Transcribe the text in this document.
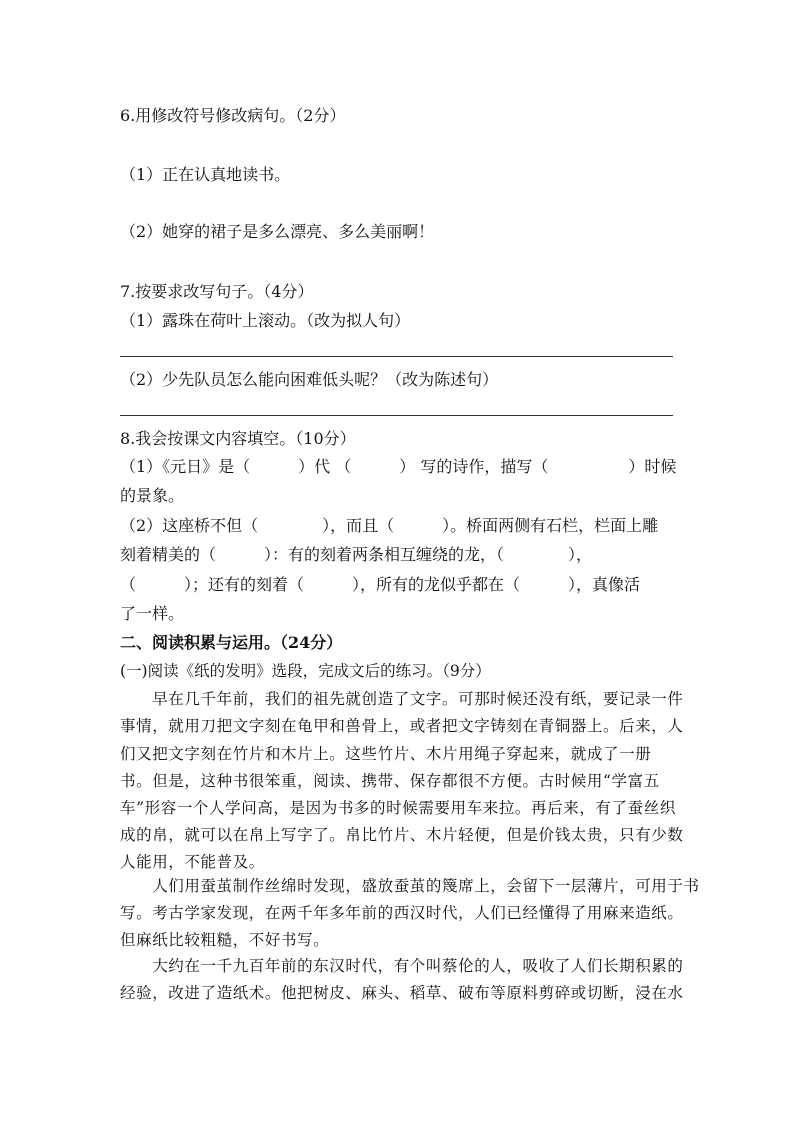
6.用修改符号修改病句。（2分）
（1）正在认真地读书。
（2）她穿的裙子是多么漂亮、多么美丽啊！
7.按要求改写句子。（4分）
（1）露珠在荷叶上滚动。（改为拟人句）
（2）少先队员怎么能向困难低头呢？（改为陈述句）
8.我会按课文内容填空。（10分）
（1）《元日》是（　　　）代 （　　　） 写的诗作，描写（　　　　　）时候
的景象。
（2）这座桥不但（　　　　），而且（　　　）。桥面两侧有石栏，栏面上雕
刻着精美的（　　　）：有的刻着两条相互缠绕的龙，（　　　　），
（　　　）；还有的刻着（　　　），所有的龙似乎都在（　　　），真像活
了一样。
二、阅读积累与运用。（24分）
(一)阅读《纸的发明》选段，完成文后的练习。（9分）
　　早在几千年前，我们的祖先就创造了文字。可那时候还没有纸，要记录一件
事情，就用刀把文字刻在龟甲和兽骨上，或者把文字铸刻在青铜器上。后来，人
们又把文字刻在竹片和木片上。这些竹片、木片用绳子穿起来，就成了一册
书。但是，这种书很笨重，阅读、携带、保存都很不方便。古时候用“学富五
车”形容一个人学问高，是因为书多的时候需要用车来拉。再后来，有了蚕丝织
成的帛，就可以在帛上写字了。帛比竹片、木片轻便，但是价钱太贵，只有少数
人能用，不能普及。
　　人们用蚕茧制作丝绵时发现，盛放蚕茧的篾席上，会留下一层薄片，可用于书
写。考古学家发现，在两千年多年前的西汉时代，人们已经懂得了用麻来造纸。
但麻纸比较粗糙，不好书写。
　　大约在一千九百年前的东汉时代，有个叫蔡伦的人，吸收了人们长期积累的
经验，改进了造纸术。他把树皮、麻头、稻草、破布等原料剪碎或切断，浸在水
